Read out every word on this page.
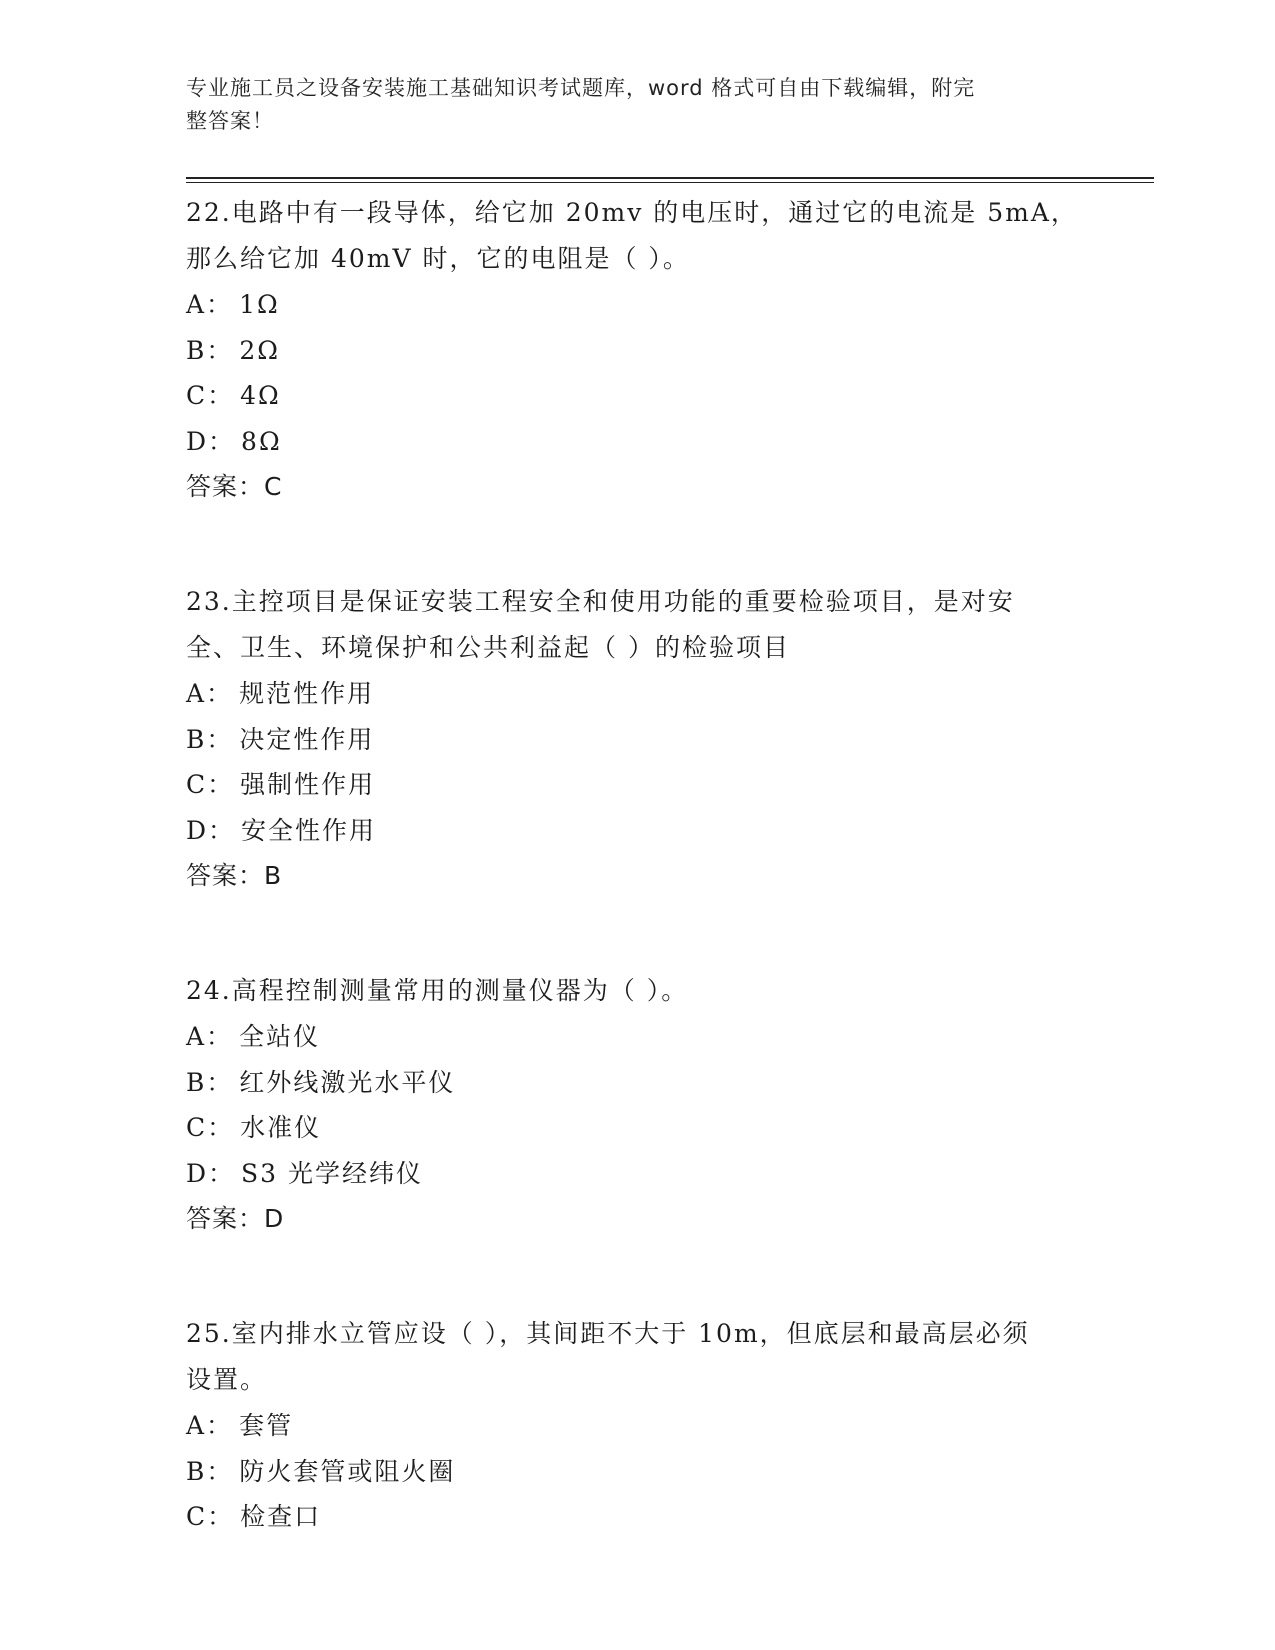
专业施工员之设备安装施工基础知识考试题库，word 格式可自由下载编辑，附完
整答案！
22.电路中有一段导体，给它加 20mv 的电压时，通过它的电流是 5mA，
那么给它加 40mV 时，它的电阻是（ ）。
A： 1Ω
B： 2Ω
C： 4Ω
D： 8Ω
答案：C
23.主控项目是保证安装工程安全和使用功能的重要检验项目，是对安
全、卫生、环境保护和公共利益起（ ）的检验项目
A： 规范性作用
B： 决定性作用
C： 强制性作用
D： 安全性作用
答案：B
24.高程控制测量常用的测量仪器为（ ）。
A： 全站仪
B： 红外线激光水平仪
C： 水准仪
D： S3 光学经纬仪
答案：D
25.室内排水立管应设（ ），其间距不大于 10m，但底层和最高层必须
设置。
A： 套管
B： 防火套管或阻火圈
C： 检查口
